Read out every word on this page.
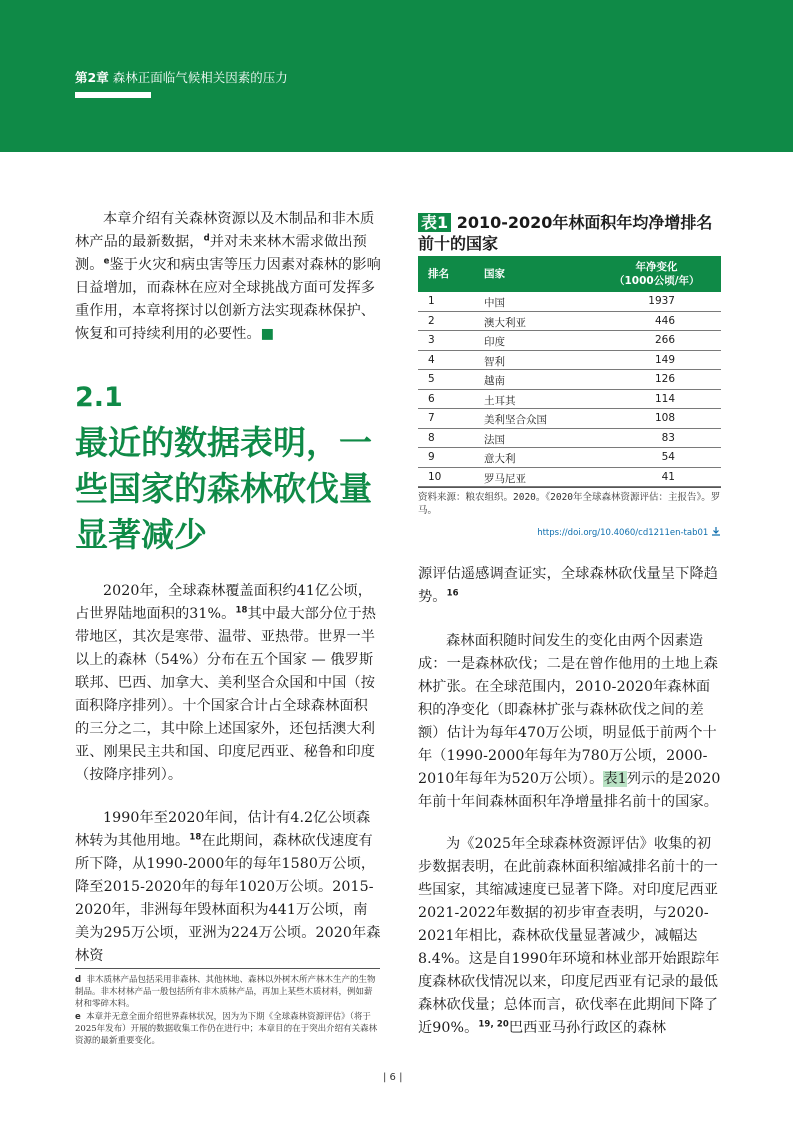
第2章 森林正面临气候相关因素的压力
本章介绍有关森林资源以及木制品和非木质林产品的最新数据，$^d$并对未来林木需求做出预测。$^e$鉴于火灾和病虫害等压力因素对森林的影响日益增加，而森林在应对全球挑战方面可发挥多重作用，本章将探讨以创新方法实现森林保护、恢复和可持续利用的必要性。■
2.1
最近的数据表明，一些国家的森林砍伐量显著减少
2020年，全球森林覆盖面积约41亿公顷，占世界陆地面积的31%。$^{18}$其中最大部分位于热带地区，其次是寒带、温带、亚热带。世界一半以上的森林（54%）分布在五个国家 — 俄罗斯联邦、巴西、加拿大、美利坚合众国和中国（按面积降序排列）。十个国家合计占全球森林面积的三分之二，其中除上述国家外，还包括澳大利亚、刚果民主共和国、印度尼西亚、秘鲁和印度（按降序排列）。
1990年至2020年间，估计有4.2亿公顷森林转为其他用地。$^{18}$在此期间，森林砍伐速度有所下降，从1990-2000年的每年1580万公顷，降至2015-2020年的每年1020万公顷。2015-2020年，非洲每年毁林面积为441万公顷，南美为295万公顷，亚洲为224万公顷。2020年森林资
d 非木质林产品包括采用非森林、其他林地、森林以外树木所产林木生产的生物制品。非木材林产品一般包括所有非木质林产品，再加上某些木质材料，例如薪材和零碎木料。
e 本章并无意全面介绍世界森林状况，因为为下期《全球森林资源评估》（将于2025年发布）开展的数据收集工作仍在进行中；本章目的在于突出介绍有关森林资源的最新重要变化。
表1 2010-2020年林面积年均净增排名前十的国家
排名	国家
年净变化
（1000公顷/年）
1	中国	1937
2	澳大利亚	446
3	印度	266
4	智利	149
5	越南	126
6	土耳其	114
7	美利坚合众国	108
8	法国	83
9	意大利	54
10	罗马尼亚	41
资料来源：粮农组织。2020。《2020年全球森林资源评估：主报告》。罗马。
https://doi.org/10.4060/cd1211en-tab01
源评估遥感调查证实，全球森林砍伐量呈下降趋势。$^{16}$
森林面积随时间发生的变化由两个因素造成：一是森林砍伐；二是在曾作他用的土地上森林扩张。在全球范围内，2010-2020年森林面积的净变化（即森林扩张与森林砍伐之间的差额）估计为每年470万公顷，明显低于前两个十年（1990-2000年每年为780万公顷，2000-2010年每年为520万公顷）。表1列示的是2020年前十年间森林面积年净增量排名前十的国家。
为《2025年全球森林资源评估》收集的初步数据表明，在此前森林面积缩减排名前十的一些国家，其缩减速度已显著下降。对印度尼西亚2021-2022年数据的初步审查表明，与2020-2021年相比，森林砍伐量显著减少，减幅达8.4%。这是自1990年环境和林业部开始跟踪年度森林砍伐情况以来，印度尼西亚有记录的最低森林砍伐量；总体而言，砍伐率在此期间下降了近90%。$^{19, 20}$巴西亚马孙行政区的森林
| 6 |
